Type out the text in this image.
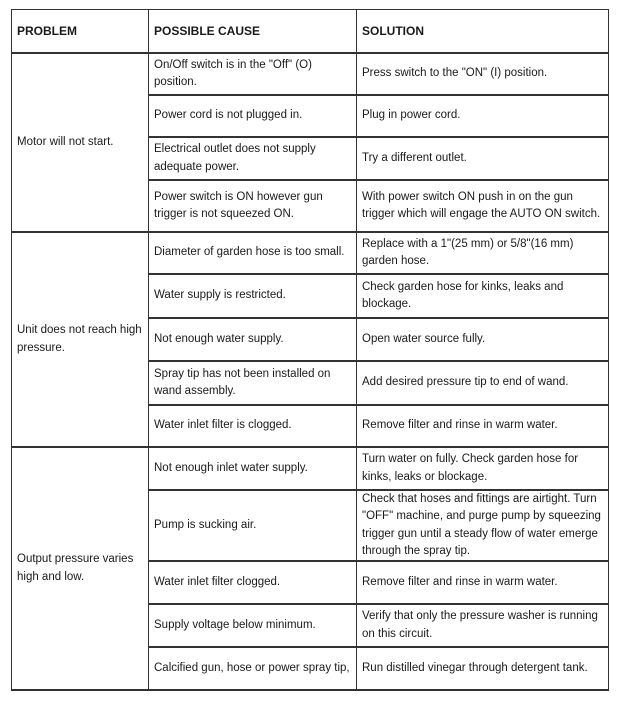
PROBLEM	POSSIBLE CAUSE	SOLUTION
Motor will not start.	On/Off switch is in the "Off" (O) position.	Press switch to the "ON" (I) position.
	Power cord is not plugged in.	Plug in power cord.
	Electrical outlet does not supply adequate power.	Try a different outlet.
	Power switch is ON however gun trigger is not squeezed ON.	With power switch ON push in on the gun trigger which will engage the AUTO ON switch.
Unit does not reach high pressure.	Diameter of garden hose is too small.	Replace with a 1"(25 mm) or 5/8"(16 mm) garden hose.
	Water supply is restricted.	Check garden hose for kinks, leaks and blockage.
	Not enough water supply.	Open water source fully.
	Spray tip has not been installed on wand assembly.	Add desired pressure tip to end of wand.
	Water inlet filter is clogged.	Remove filter and rinse in warm water.
Output pressure varies high and low.	Not enough inlet water supply.	Turn water on fully. Check garden hose for kinks, leaks or blockage.
	Pump is sucking air.	Check that hoses and fittings are airtight. Turn "OFF" machine, and purge pump by squeezing trigger gun until a steady flow of water emerge through the spray tip.
	Water inlet filter clogged.	Remove filter and rinse in warm water.
	Supply voltage below minimum.	Verify that only the pressure washer is running on this circuit.
	Calcified gun, hose or power spray tip,	Run distilled vinegar through detergent tank.
